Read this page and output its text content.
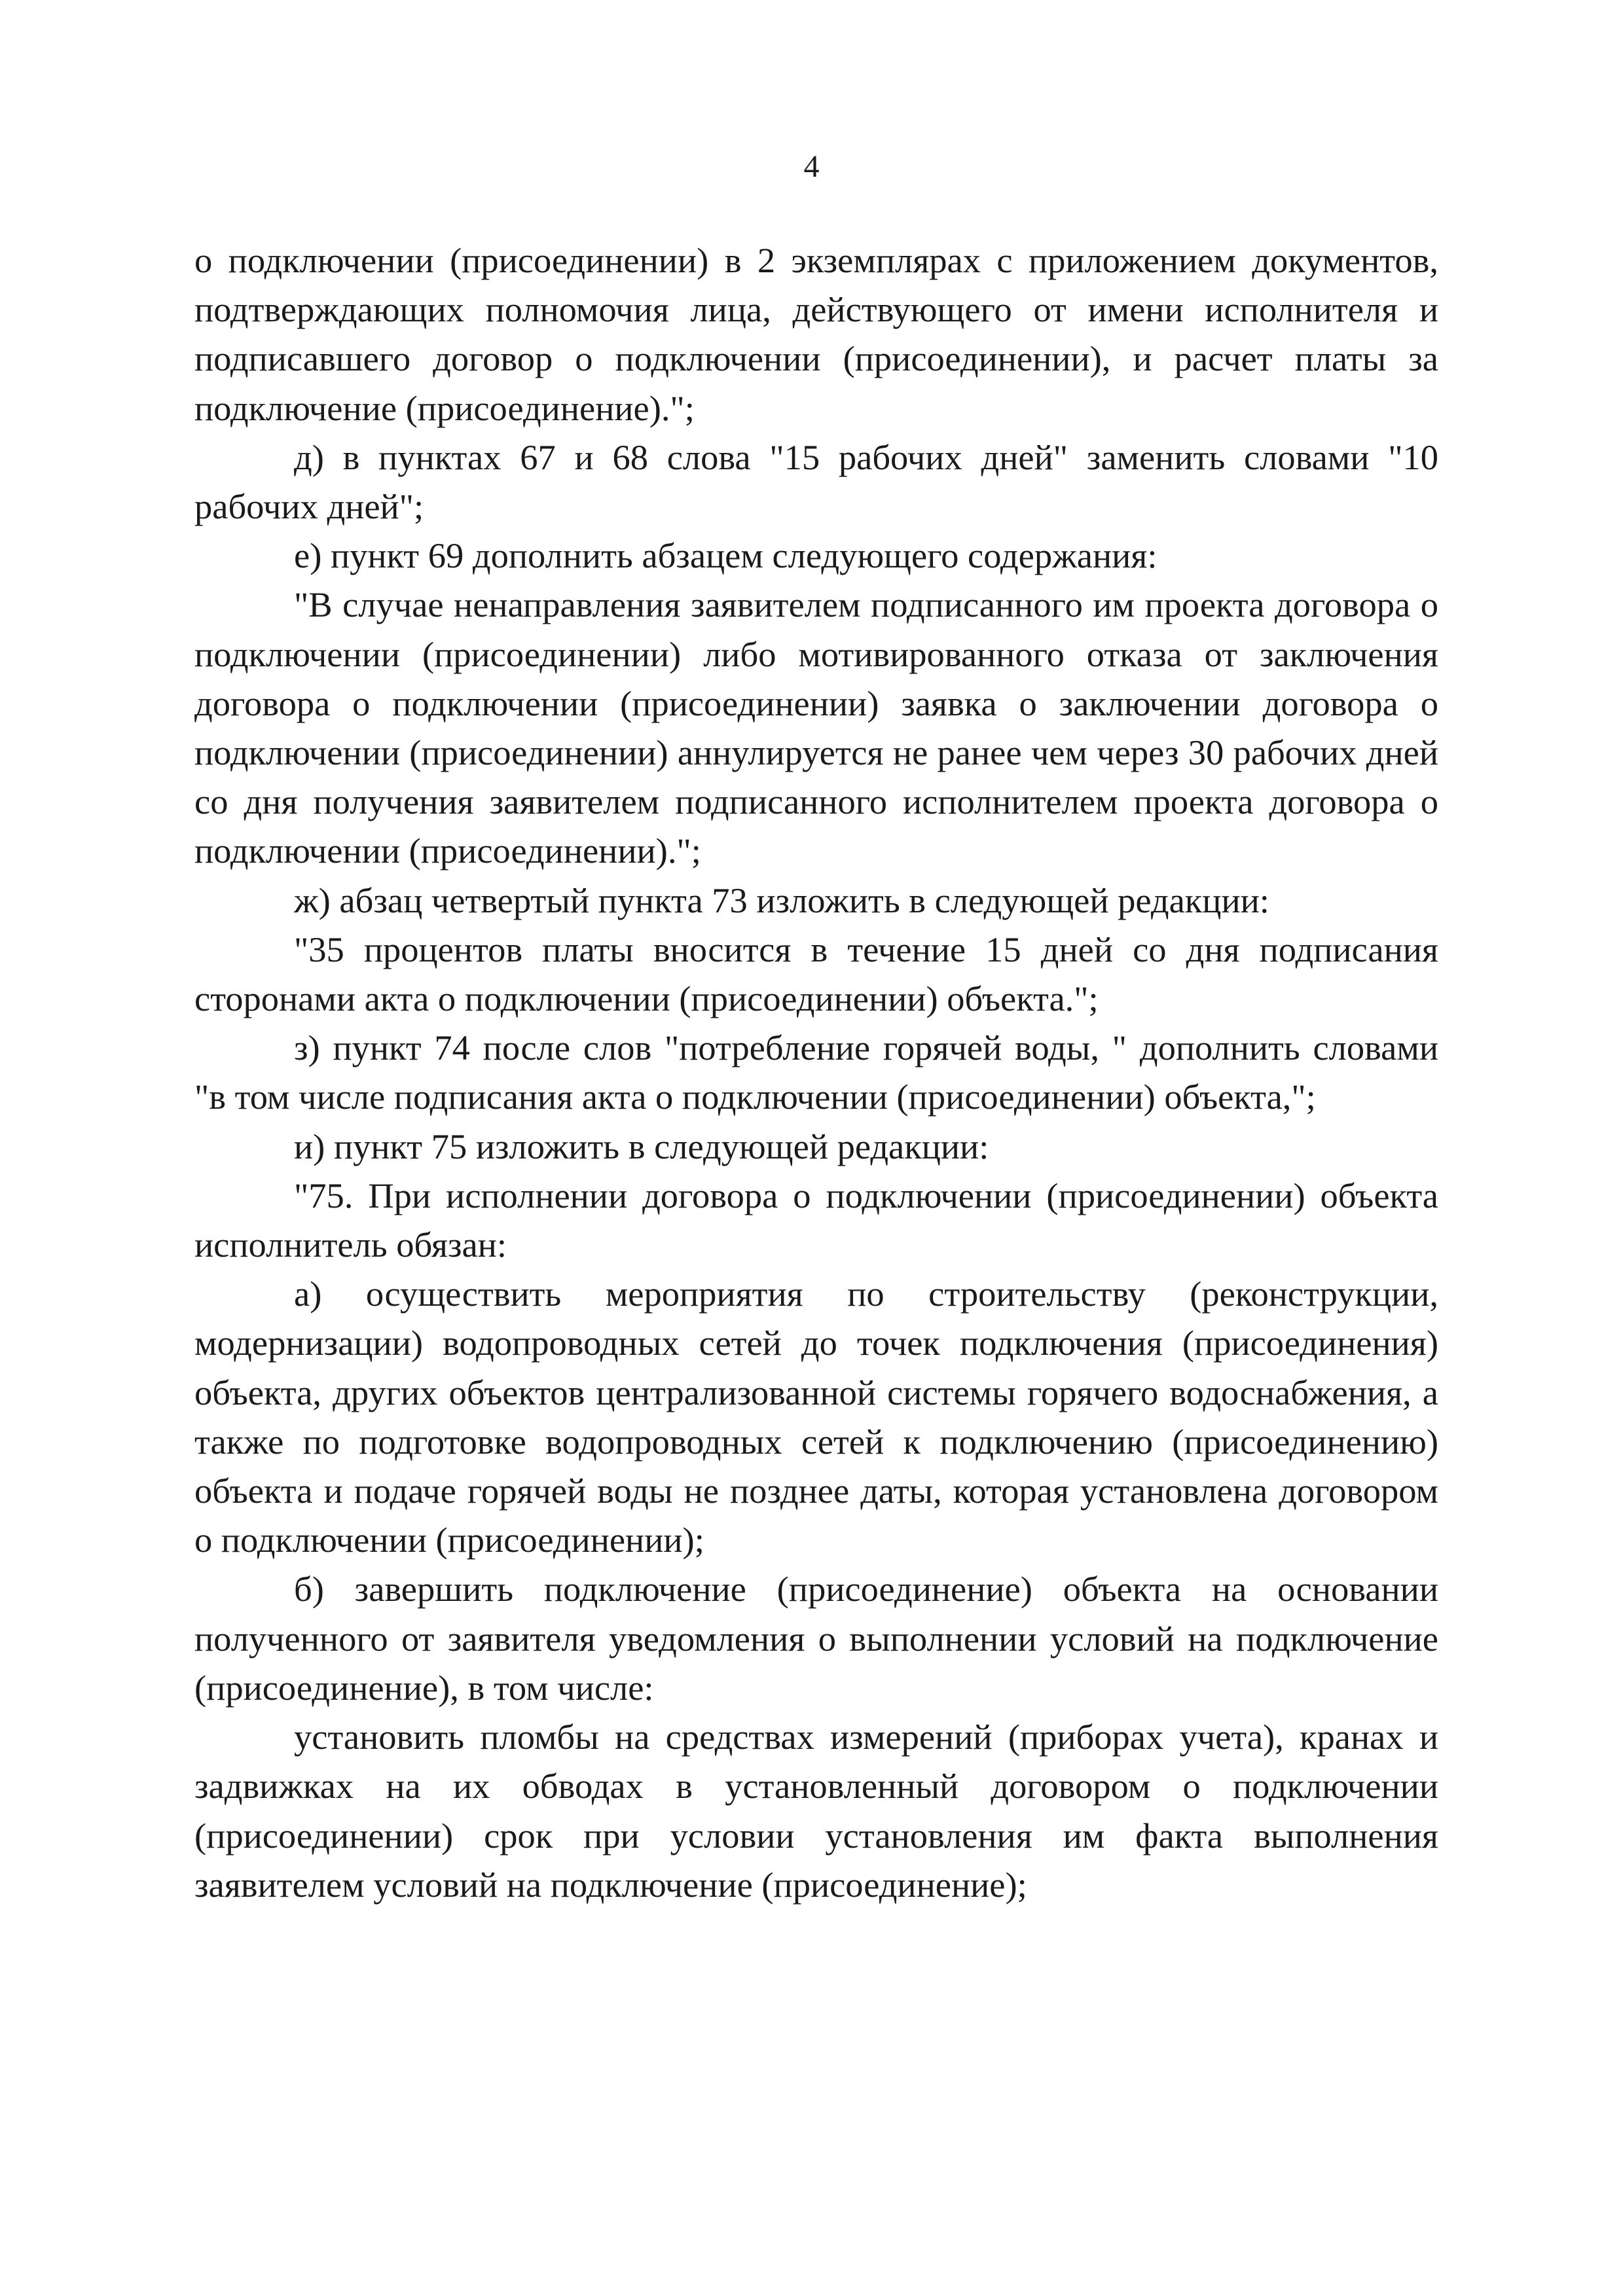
4

о подключении (присоединении) в 2 экземплярах с приложением документов, подтверждающих полномочия лица, действующего от имени исполнителя и подписавшего договор о подключении (присоединении), и расчет платы за подключение (присоединение).";

д) в пунктах 67 и 68 слова "15 рабочих дней" заменить словами "10 рабочих дней";

е) пункт 69 дополнить абзацем следующего содержания:

"В случае ненаправления заявителем подписанного им проекта договора о подключении (присоединении) либо мотивированного отказа от заключения договора о подключении (присоединении) заявка о заключении договора о подключении (присоединении) аннулируется не ранее чем через 30 рабочих дней со дня получения заявителем подписанного исполнителем проекта договора о подключении (присоединении).";

ж) абзац четвертый пункта 73 изложить в следующей редакции:

"35 процентов платы вносится в течение 15 дней со дня подписания сторонами акта о подключении (присоединении) объекта.";

з) пункт 74 после слов "потребление горячей воды, " дополнить словами "в том числе подписания акта о подключении (присоединении) объекта,";

и) пункт 75 изложить в следующей редакции:

"75. При исполнении договора о подключении (присоединении) объекта исполнитель обязан:

а) осуществить мероприятия по строительству (реконструкции, модернизации) водопроводных сетей до точек подключения (присоединения) объекта, других объектов централизованной системы горячего водоснабжения, а также по подготовке водопроводных сетей к подключению (присоединению) объекта и подаче горячей воды не позднее даты, которая установлена договором о подключении (присоединении);

б) завершить подключение (присоединение) объекта на основании полученного от заявителя уведомления о выполнении условий на подключение (присоединение), в том числе:

установить пломбы на средствах измерений (приборах учета), кранах и задвижках на их обводах в установленный договором о подключении (присоединении) срок при условии установления им факта выполнения заявителем условий на подключение (присоединение);
